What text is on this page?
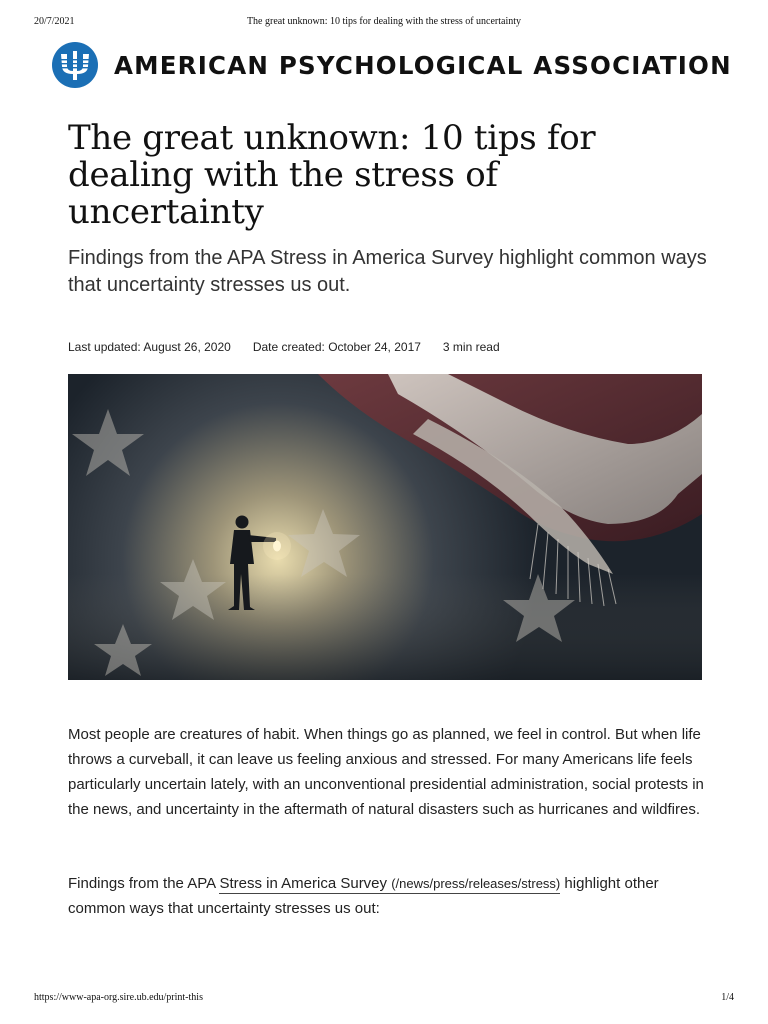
20/7/2021	The great unknown: 10 tips for dealing with the stress of uncertainty
AMERICAN PSYCHOLOGICAL ASSOCIATION
The great unknown: 10 tips for dealing with the stress of uncertainty

Findings from the APA Stress in America Survey highlight common ways that uncertainty stresses us out.

Last updated: August 26, 2020 Date created: October 24, 2017 3 min read

Most people are creatures of habit. When things go as planned, we feel in control. But when life throws a curveball, it can leave us feeling anxious and stressed. For many Americans life feels particularly uncertain lately, with an unconventional presidential administration, social protests in the news, and uncertainty in the aftermath of natural disasters such as hurricanes and wildfires.

Findings from the APA Stress in America Survey (/news/press/releases/stress) highlight other common ways that uncertainty stresses us out:

https://www-apa-org.sire.ub.edu/print-this	1/4
